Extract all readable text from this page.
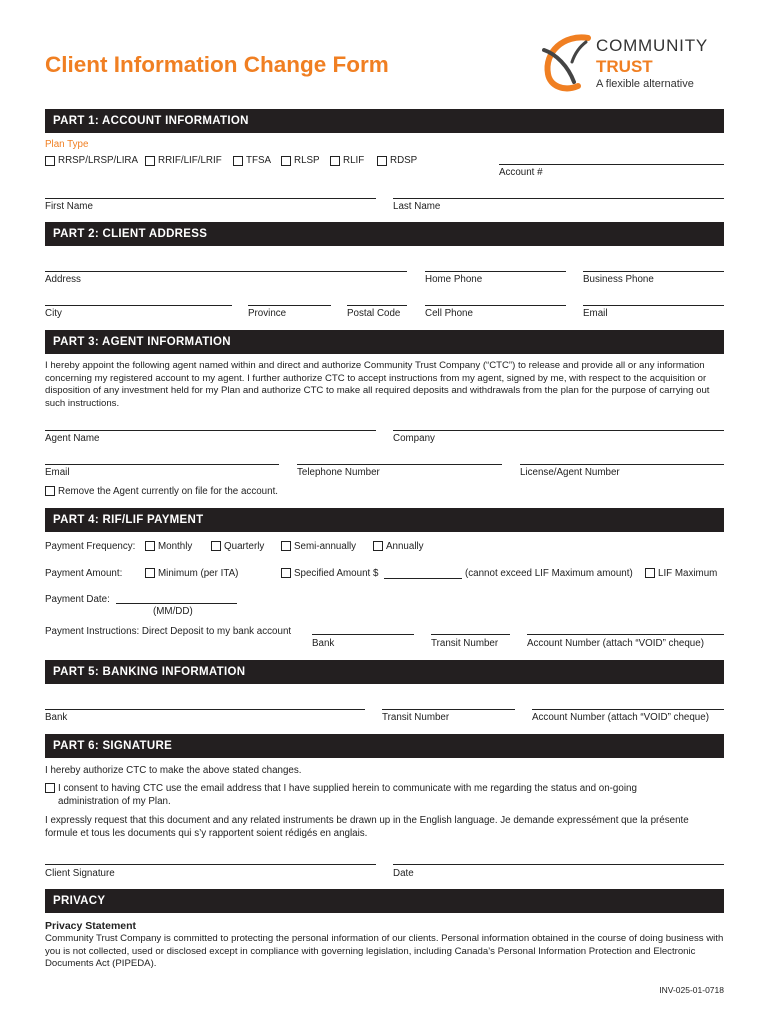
Client Information Change Form
COMMUNITY
TRUST
A flexible alternative
PART 1: ACCOUNT INFORMATION
Plan Type
RRSP/LRSP/LIRA RRIF/LIF/LRIF TFSA RLSP RLIF	RDSP
Account #
First Name	Last Name
PART 2: CLIENT ADDRESS
Address	Home Phone	Business Phone
City	Province	Postal Code	Cell Phone	Email
PART 3: AGENT INFORMATION
I hereby appoint the following agent named within and direct and authorize Community Trust Company (“CTC”) to release and provide all or any information concerning my registered account to my agent. I further authorize CTC to accept instructions from my agent, signed by me, with respect to the acquisition or disposition of any investment held for my Plan and authorize CTC to make all required deposits and withdrawals from the plan for the purpose of carrying out such instructions.
Agent Name	Company
Email	Telephone Number	License/Agent Number
Remove the Agent currently on file for the account.
PART 4: RIF/LIF PAYMENT
Payment Frequency: Monthly	Quarterly	Semi-annually	Annually
Payment Amount:	Minimum (per ITA)	Specified Amount $	(cannot exceed LIF Maximum amount)	LIF Maximum
Payment Date:
(MM/DD)
Payment Instructions: Direct Deposit to my bank account
Bank	Transit Number	Account Number (attach “VOID” cheque)
PART 5: BANKING INFORMATION
Bank	Transit Number	Account Number (attach “VOID” cheque)
PART 6: SIGNATURE
I hereby authorize CTC to make the above stated changes.
I consent to having CTC use the email address that I have supplied herein to communicate with me regarding the status and on-going
administration of my Plan.
I expressly request that this document and any related instruments be drawn up in the English language. Je demande expressément que la présente
formule et tous les documents qui s’y rapportent soient rédigés en anglais.
Client Signature	Date
PRIVACY
Privacy Statement
Community Trust Company is committed to protecting the personal information of our clients. Personal information obtained in the course of doing business with you is not collected, used or disclosed except in compliance with governing legislation, including Canada’s Personal Information Protection and Electronic Documents Act (PIPEDA).
INV-025-01-0718
